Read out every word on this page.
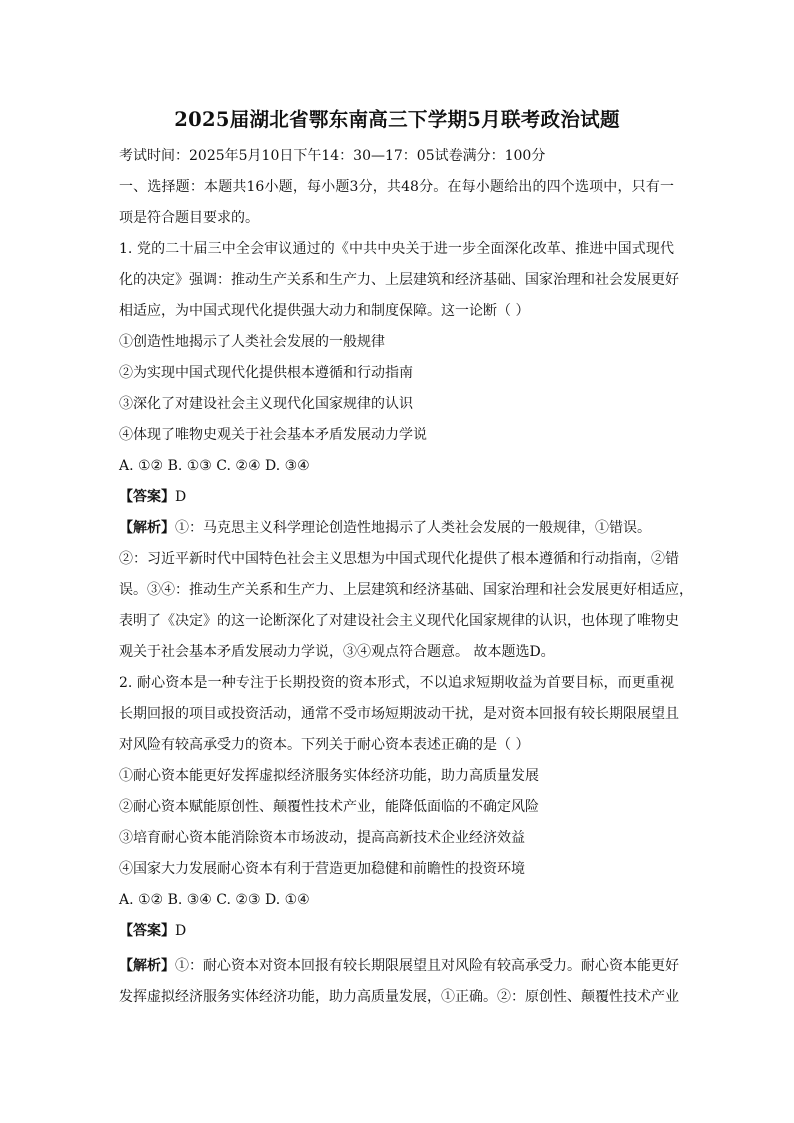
2025届湖北省鄂东南高三下学期5月联考政治试题
考试时间：2025年5月10日下午14：30—17：05试卷满分：100分
一、选择题：本题共16小题，每小题3分，共48分。在每小题给出的四个选项中，只有一
项是符合题目要求的。
1. 党的二十届三中全会审议通过的《中共中央关于进一步全面深化改革、推进中国式现代
化的决定》强调：推动生产关系和生产力、上层建筑和经济基础、国家治理和社会发展更好
相适应，为中国式现代化提供强大动力和制度保障。这一论断（ ）
①创造性地揭示了人类社会发展的一般规律
②为实现中国式现代化提供根本遵循和行动指南
③深化了对建设社会主义现代化国家规律的认识
④体现了唯物史观关于社会基本矛盾发展动力学说
A. ①② B. ①③ C. ②④ D. ③④
【答案】D
【解析】①：马克思主义科学理论创造性地揭示了人类社会发展的一般规律，①错误。
②：习近平新时代中国特色社会主义思想为中国式现代化提供了根本遵循和行动指南，②错
误。③④：推动生产关系和生产力、上层建筑和经济基础、国家治理和社会发展更好相适应，
表明了《决定》的这一论断深化了对建设社会主义现代化国家规律的认识，也体现了唯物史
观关于社会基本矛盾发展动力学说，③④观点符合题意。 故本题选D。
2. 耐心资本是一种专注于长期投资的资本形式，不以追求短期收益为首要目标，而更重视
长期回报的项目或投资活动，通常不受市场短期波动干扰，是对资本回报有较长期限展望且
对风险有较高承受力的资本。下列关于耐心资本表述正确的是（ ）
①耐心资本能更好发挥虚拟经济服务实体经济功能，助力高质量发展
②耐心资本赋能原创性、颠覆性技术产业，能降低面临的不确定风险
③培育耐心资本能消除资本市场波动，提高高新技术企业经济效益
④国家大力发展耐心资本有利于营造更加稳健和前瞻性的投资环境
A. ①② B. ③④ C. ②③ D. ①④
【答案】D
【解析】①：耐心资本对资本回报有较长期限展望且对风险有较高承受力。耐心资本能更好
发挥虚拟经济服务实体经济功能，助力高质量发展，①正确。②：原创性、颠覆性技术产业
